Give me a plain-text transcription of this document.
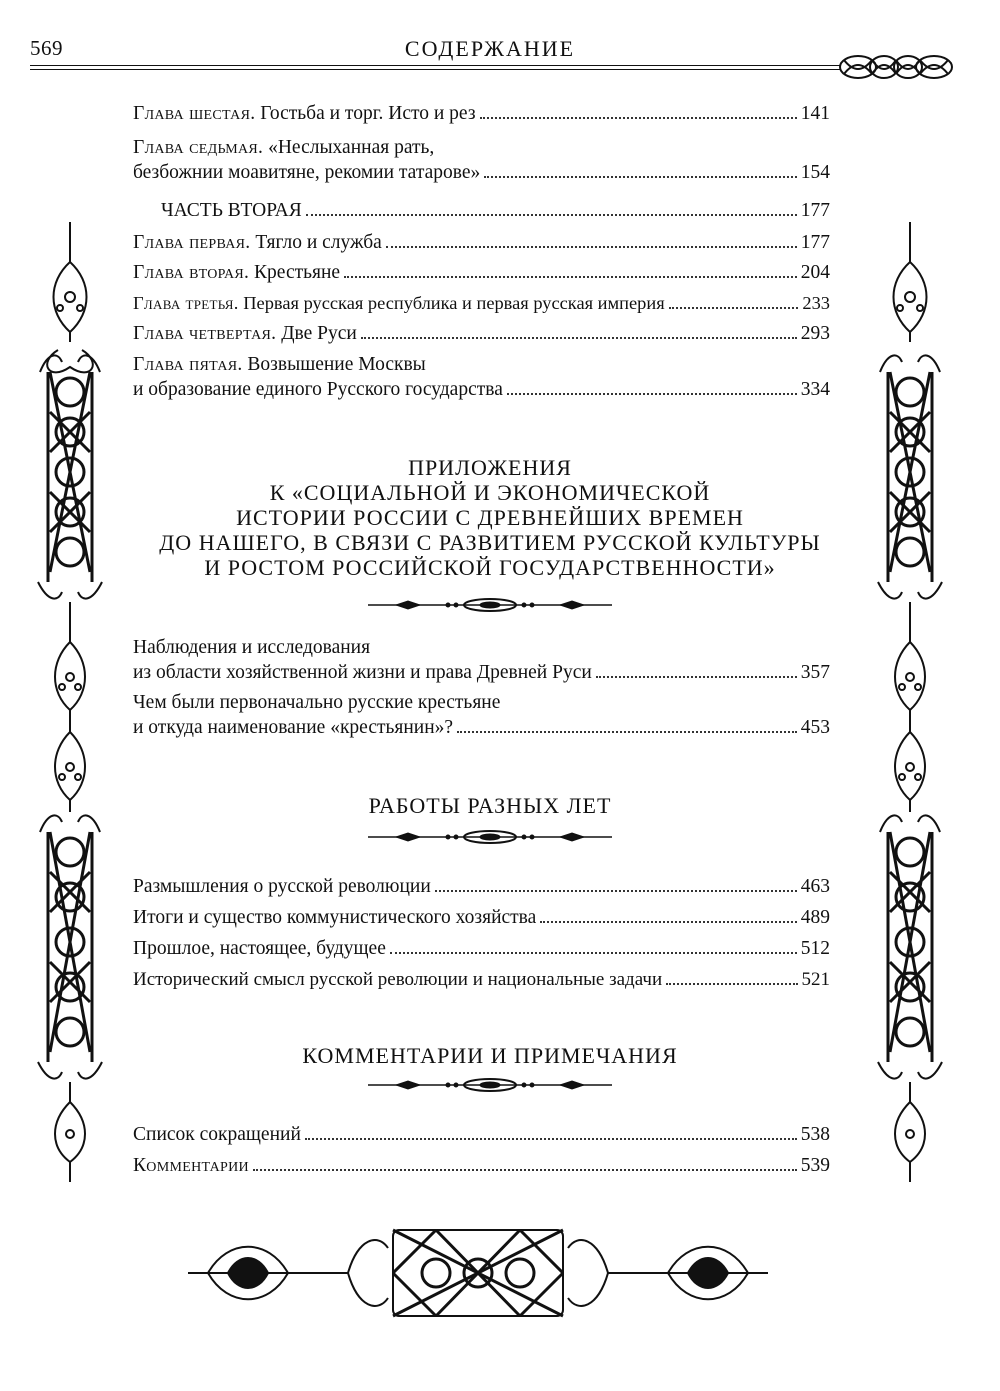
569	СОДЕРЖАНИЕ
Глава шестая. Гостьба и торг. Исто и рез	141
Глава седьмая. «Неслыханная рать,
безбожнии моавитяне, рекомии татарове»	154
ЧАСТЬ ВТОРАЯ	177
Глава первая. Тягло и служба	177
Глава вторая. Крестьяне	204
Глава третья. Первая русская республика и первая русская империя	233
Глава четвертая. Две Руси	293
Глава пятая. Возвышение Москвы
и образование единого Русского государства	334
ПРИЛОЖЕНИЯ
К «СОЦИАЛЬНОЙ И ЭКОНОМИЧЕСКОЙ
ИСТОРИИ РОССИИ С ДРЕВНЕЙШИХ ВРЕМЕН
ДО НАШЕГО, В СВЯЗИ С РАЗВИТИЕМ РУССКОЙ КУЛЬТУРЫ
И РОСТОМ РОССИЙСКОЙ ГОСУДАРСТВЕННОСТИ»
Наблюдения и исследования
из области хозяйственной жизни и права Древней Руси	357
Чем были первоначально русские крестьяне
и откуда наименование «крестьянин»?	453
РАБОТЫ РАЗНЫХ ЛЕТ
Размышления о русской революции	463
Итоги и существо коммунистического хозяйства	489
Прошлое, настоящее, будущее	512
Исторический смысл русской революции и национальные задачи	521
КОММЕНТАРИИ И ПРИМЕЧАНИЯ
Список сокращений	538
Комментарии	539
